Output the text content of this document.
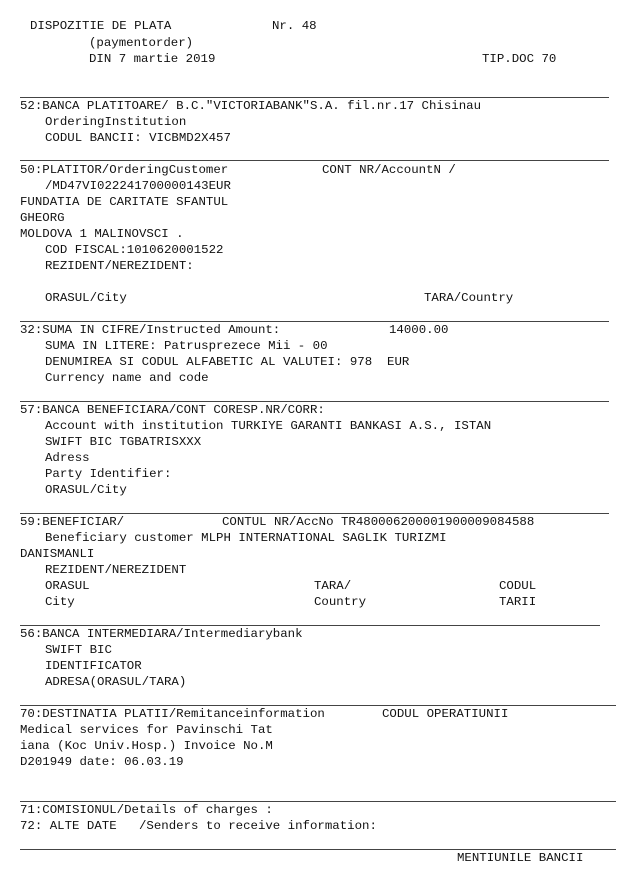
DISPOZITIE DE PLATA	Nr. 48
(paymentorder)
DIN 7 martie 2019	TIP.DOC 70
52:BANCA PLATITOARE/ B.C."VICTORIABANK"S.A. fil.nr.17 Chisinau
OrderingInstitution
CODUL BANCII: VICBMD2X457
50:PLATITOR/OrderingCustomer	CONT NR/AccountN /
/MD47VI022241700000143EUR
FUNDATIA DE CARITATE SFANTUL
GHEORG
MOLDOVA 1 MALINOVSCI .
COD FISCAL:1010620001522
REZIDENT/NEREZIDENT:
ORASUL/City	TARA/Country
32:SUMA IN CIFRE/Instructed Amount:	14000.00
SUMA IN LITERE: Patrusprezece Mii - 00
DENUMIREA SI CODUL ALFABETIC AL VALUTEI: 978  EUR
Currency name and code
57:BANCA BENEFICIARA/CONT CORESP.NR/CORR:
Account with institution TURKIYE GARANTI BANKASI A.S., ISTAN
SWIFT BIC TGBATRISXXX
Adress
Party Identifier:
ORASUL/City
59:BENEFICIAR/	CONTUL NR/AccNo TR480006200001900009084588
Beneficiary customer MLPH INTERNATIONAL SAGLIK TURIZMI
DANISMANLI
REZIDENT/NEREZIDENT
ORASUL	TARA/	CODUL
City	Country	TARII
56:BANCA INTERMEDIARA/Intermediarybank
SWIFT BIC
IDENTIFICATOR
ADRESA(ORASUL/TARA)
70:DESTINATIA PLATII/Remitanceinformation	CODUL OPERATIUNII
Medical services for Pavinschi Tat
iana (Koc Univ.Hosp.) Invoice No.M
D201949 date: 06.03.19
71:COMISIONUL/Details of charges :
72: ALTE DATE   /Senders to receive information:
MENTIUNILE BANCII
